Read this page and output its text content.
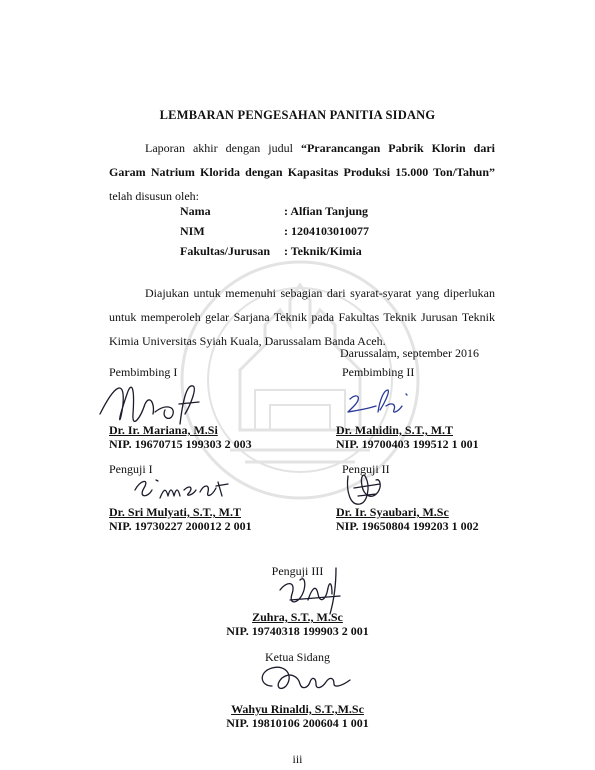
LEMBARAN PENGESAHAN PANITIA SIDANG
Laporan akhir dengan judul “Prarancangan Pabrik Klorin dari Garam Natrium Klorida dengan Kapasitas Produksi 15.000 Ton/Tahun” telah disusun oleh:
Nama	: Alfian Tanjung
NIM	: 1204103010077
Fakultas/Jurusan : Teknik/Kimia
Diajukan untuk memenuhi sebagian dari syarat-syarat yang diperlukan untuk memperoleh gelar Sarjana Teknik pada Fakultas Teknik Jurusan Teknik Kimia Universitas Syiah Kuala, Darussalam Banda Aceh.
Darussalam, september 2016
Pembimbing I
Dr. Ir. Mariana, M.Si
NIP. 19670715 199303 2 003
Pembimbing II
Dr. Mahidin, S.T., M.T
NIP. 19700403 199512 1 001
Penguji I
Dr. Sri Mulyati, S.T., M.T
NIP. 19730227 200012 2 001
Penguji II
Dr. Ir. Syaubari, M.Sc
NIP. 19650804 199203 1 002
Penguji III
Zuhra, S.T., M.Sc
NIP. 19740318 199903 2 001
Ketua Sidang
Wahyu Rinaldi, S.T.,M.Sc
NIP. 19810106 200604 1 001
iii
